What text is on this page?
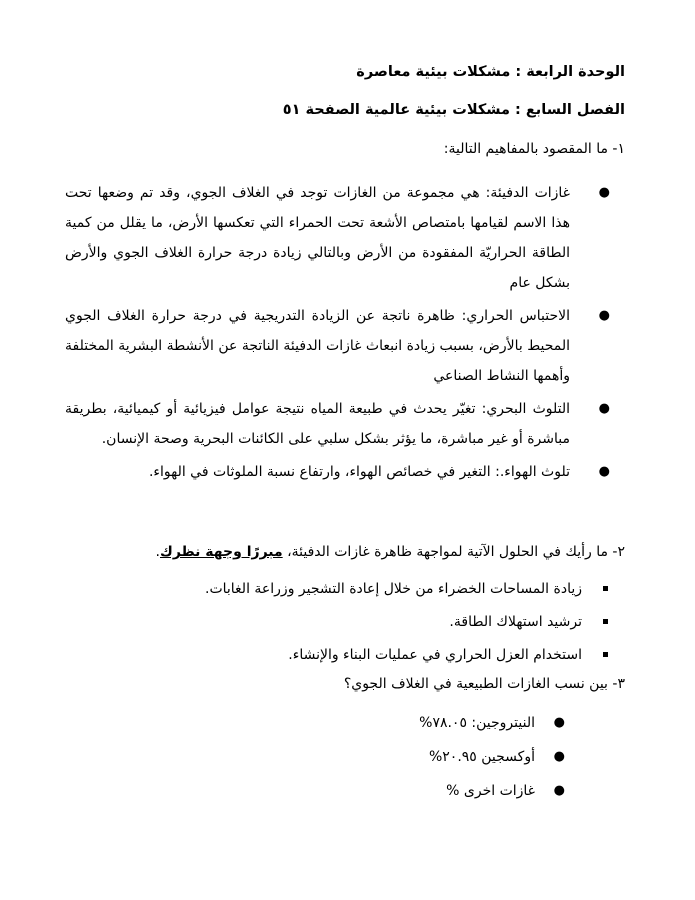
الوحدة الرابعة : مشكلات بيئية معاصرة

الفصل السابع : مشكلات بيئية عالمية الصفحة ٥١

١- ما المقصود بالمفاهيم التالية:

●
غازات الدفيئة: هي مجموعة من الغازات توجد في الغلاف الجوي، وقد تم وضعها تحت هذا الاسم لقيامها بامتصاص الأشعة تحت الحمراء التي تعكسها الأرض، ما يقلل من كمية الطاقة الحراريّة المفقودة من الأرض وبالتالي زيادة درجة حرارة الغلاف الجوي والأرض بشكل عام
●
الاحتباس الحراري: ظاهرة ناتجة عن الزيادة التدريجية في درجة حرارة الغلاف الجوي المحيط بالأرض، بسبب زيادة انبعاث غازات الدفيئة الناتجة عن الأنشطة البشرية المختلفة وأهمها النشاط الصناعي
●
التلوث البحري: تغيّر يحدث في طبيعة المياه نتيجة عوامل فيزيائية أو كيميائية، بطريقة مباشرة أو غير مباشرة، ما يؤثر بشكل سلبي على الكائنات البحرية وصحة الإنسان.
●
تلوث الهواء.: التغير في خصائص الهواء، وارتفاع نسبة الملوثات في الهواء.

٢- ما رأيك في الحلول الآتية لمواجهة ظاهرة غازات الدفيئة، مبررًا وجهة نظرك.

زيادة المساحات الخضراء من خلال إعادة التشجير وزراعة الغابات.
ترشيد استهلاك الطاقة.
استخدام العزل الحراري في عمليات البناء والإنشاء.

٣- بين نسب الغازات الطبيعية في الغلاف الجوي؟

●
النيتروجين: ٧٨.٠٥%
●
أوكسجين ٢٠.٩٥%
●
غازات اخرى %
